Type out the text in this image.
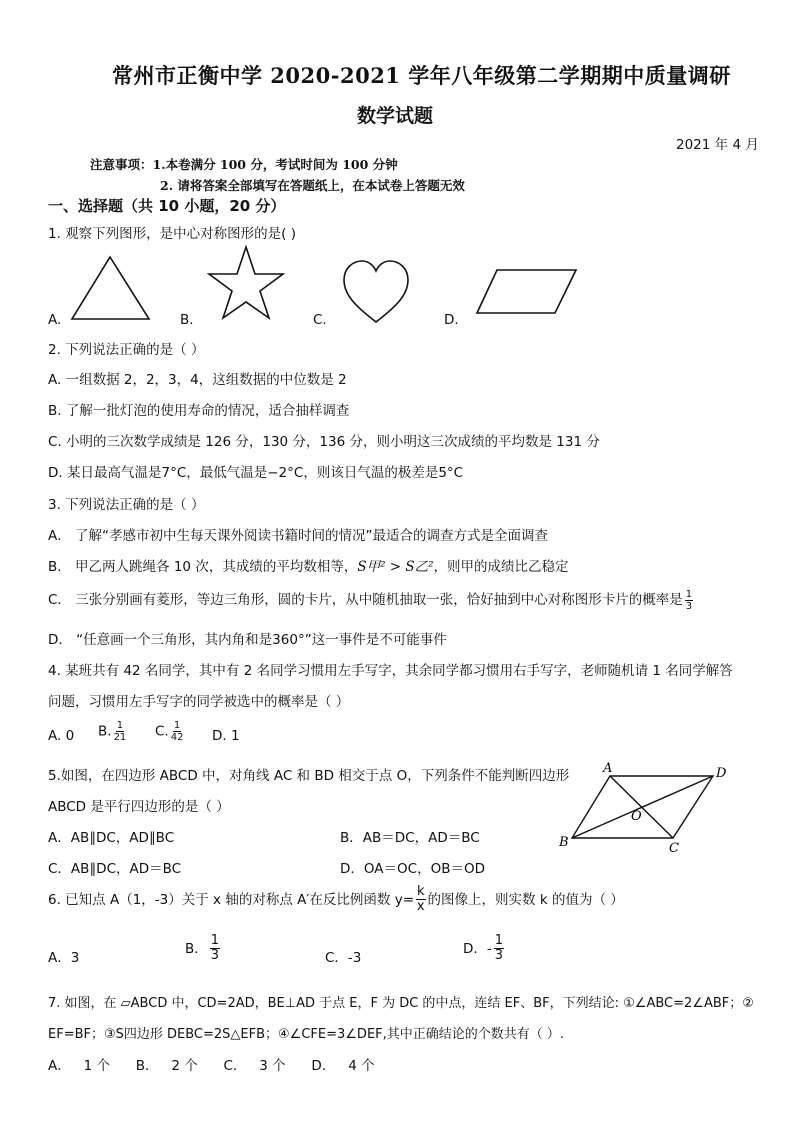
常州市正衡中学 2020-2021 学年八年级第二学期期中质量调研
数学试题
2021 年 4 月
注意事项：1.本卷满分 100 分，考试时间为 100 分钟
2. 请将答案全部填写在答题纸上，在本试卷上答题无效
一、选择题（共 10 小题，20 分）
1. 观察下列图形，是中心对称图形的是( )
A.	B.	C.	D.
2. 下列说法正确的是（ ）
A. 一组数据 2，2，3，4，这组数据的中位数是 2
B. 了解一批灯泡的使用寿命的情况，适合抽样调查
C. 小明的三次数学成绩是 126 分，130 分，136 分，则小明这三次成绩的平均数是 131 分
D. 某日最高气温是7°C，最低气温是−2°C，则该日气温的极差是5°C
3. 下列说法正确的是（ ）
A． 了解“孝感市初中生每天课外阅读书籍时间的情况”最适合的调查方式是全面调查
B． 甲乙两人跳绳各 10 次，其成绩的平均数相等，S甲² > S乙²，则甲的成绩比乙稳定
C． 三张分别画有菱形，等边三角形，圆的卡片，从中随机抽取一张，恰好抽到中心对称图形卡片的概率是 $\frac{1}{3}$
D． “任意画一个三角形，其内角和是360°”这一事件是不可能事件
4. 某班共有 42 名同学，其中有 2 名同学习惯用左手写字，其余同学都习惯用右手写字，老师随机请 1 名同学解答
问题，习惯用左手写字的同学被选中的概率是（ ）
A. 0 B. $\frac{1}{21} C$. $\frac{1}{42} D$. 1
5.如图，在四边形 ABCD 中，对角线 AC 和 BD 相交于点 O，下列条件不能判断四边形
ABCD 是平行四边形的是（ ）
A．AB∥DC，AD∥BC	B．AB＝DC，AD＝BC
C．AB∥DC，AD＝BC	D．OA＝OC，OB＝OD
A	D
B	C
O
6. 已知点 A（1，-3）关于 x 轴的对称点 A′在反比例函数 $y= \frac{k}{x}$ 的图像上，则实数 k 的值为（ ）
A．3
B． $\frac{1}{3}$	C．-3
D．- $\frac{1}{3}$
7. 如图，在 ▱ABCD 中，CD=2AD，BE⊥AD 于点 E，F 为 DC 的中点，连结 EF、BF，下列结论: ①∠ABC=2∠ABF；②
EF=BF；③S四边形 DEBC=2S△EFB；④∠CFE=3∠DEF,其中正确结论的个数共有（ ）.
A．   1 个      B．   2 个      C．   3 个      D．   4 个
